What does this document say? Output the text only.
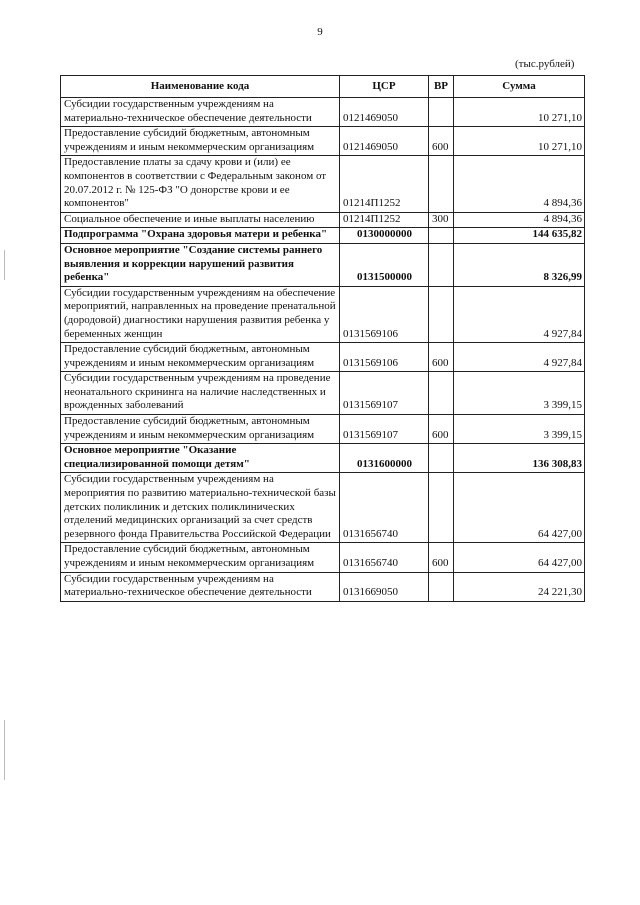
9
(тыс.рублей)
Наименование кода	ЦСР	ВР	Сумма
Субсидии государственным учреждениям на материально-техническое обеспечение деятельности	0121469050		10 271,10
Предоставление субсидий бюджетным, автономным учреждениям и иным некоммерческим организациям	0121469050	600	10 271,10
Предоставление платы за сдачу крови и (или) ее компонентов в соответствии с Федеральным законом от 20.07.2012 г. № 125-ФЗ "О донорстве крови и ее компонентов"	01214П1252		4 894,36
Социальное обеспечение и иные выплаты населению	01214П1252	300	4 894,36
Подпрограмма "Охрана здоровья матери и ребенка"	0130000000		144 635,82
Основное мероприятие "Создание системы раннего выявления и коррекции нарушений развития ребенка"	0131500000		8 326,99
Субсидии государственным учреждениям на обеспечение мероприятий, направленных на проведение пренатальной (дородовой) диагностики нарушения развития ребенка у беременных женщин	0131569106		4 927,84
Предоставление субсидий бюджетным, автономным учреждениям и иным некоммерческим организациям	0131569106	600	4 927,84
Субсидии государственным учреждениям на проведение неонатального скрининга на наличие наследственных и врожденных заболеваний	0131569107		3 399,15
Предоставление субсидий бюджетным, автономным учреждениям и иным некоммерческим организациям	0131569107	600	3 399,15
Основное мероприятие "Оказание специализированной помощи детям"	0131600000		136 308,83
Субсидии государственным учреждениям на мероприятия по развитию материально-технической базы детских поликлиник и детских поликлинических отделений медицинских организаций за счет средств резервного фонда Правительства Российской Федерации	0131656740		64 427,00
Предоставление субсидий бюджетным, автономным учреждениям и иным некоммерческим организациям	0131656740	600	64 427,00
Субсидии государственным учреждениям на материально-техническое обеспечение деятельности	0131669050		24 221,30
